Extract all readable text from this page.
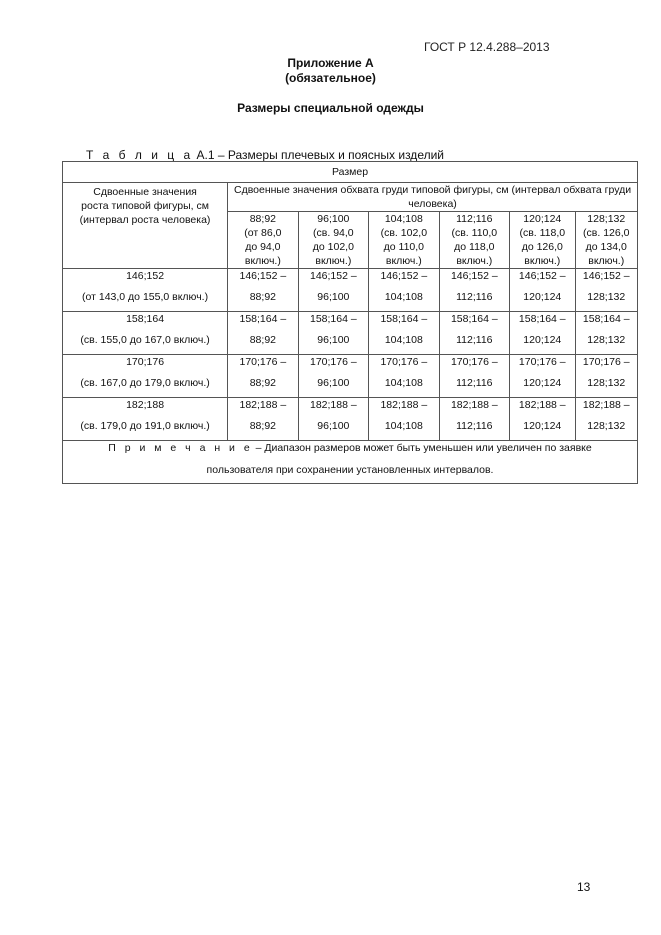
ГОСТ Р 12.4.288–2013
Приложение А
(обязательное)
Размеры специальной одежды
Т а б л и ц а А.1 – Размеры плечевых и поясных изделий
Размер						

Сдвоенные значения
роста типовой фигуры, см
(интервал роста человека)	Сдвоенные значения обхвата груди типовой фигуры, см (интервал обхвата груди человека)					

	88;92
(от 86,0
до 94,0
включ.)	96;100
(св. 94,0
до 102,0
включ.)	104;108
(св. 102,0
до 110,0
включ.)	112;116
(св. 110,0
до 118,0
включ.)	120;124
(св. 118,0
до 126,0
включ.)	128;132
(св. 126,0
до 134,0
включ.)

146;152
(от 143,0 до 155,0 включ.)	146;152 –
88;92	146;152 –
96;100	146;152 –
104;108	146;152 –
112;116	146;152 –
120;124	146;152 –
128;132

158;164
(св. 155,0 до 167,0 включ.)	158;164 –
88;92	158;164 –
96;100	158;164 –
104;108	158;164 –
112;116	158;164 –
120;124	158;164 –
128;132

170;176
(св. 167,0 до 179,0 включ.)	170;176 –
88;92	170;176 –
96;100	170;176 –
104;108	170;176 –
112;116	170;176 –
120;124	170;176 –
128;132

182;188
(св. 179,0 до 191,0 включ.)	182;188 –
88;92	182;188 –
96;100	182;188 –
104;108	182;188 –
112;116	182;188 –
120;124	182;188 –
128;132

П р и м е ч а н и е – Диапазон размеров может быть уменьшен или увеличен по заявке
пользователя при сохранении установленных интервалов.						
13
